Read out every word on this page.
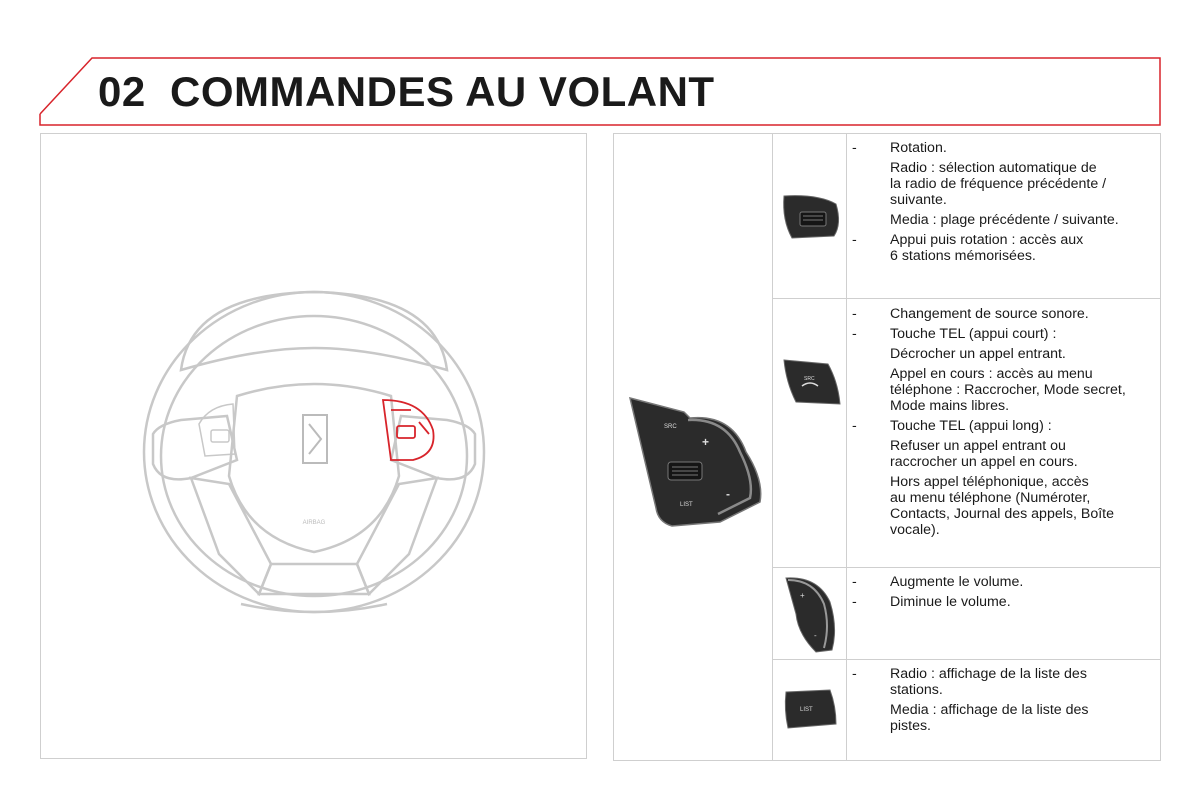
02 COMMANDES AU VOLANT
AIRBAG
SRC
LIST
+
-
SRC
+
-
LIST
-	Rotation.
Radio : sélection automatique de
la radio de fréquence précédente /
suivante.
Media : plage précédente / suivante.
-	Appui puis rotation : accès aux
6 stations mémorisées.
-	Changement de source sonore.
-	Touche TEL (appui court) :
Décrocher un appel entrant.
Appel en cours : accès au menu
téléphone : Raccrocher, Mode secret,
Mode mains libres.
-	Touche TEL (appui long) :
Refuser un appel entrant ou
raccrocher un appel en cours.
Hors appel téléphonique, accès
au menu téléphone (Numéroter,
Contacts, Journal des appels, Boîte
vocale).
-	Augmente le volume.
-	Diminue le volume.
-	Radio : affichage de la liste des
stations.
Media : affichage de la liste des
pistes.
